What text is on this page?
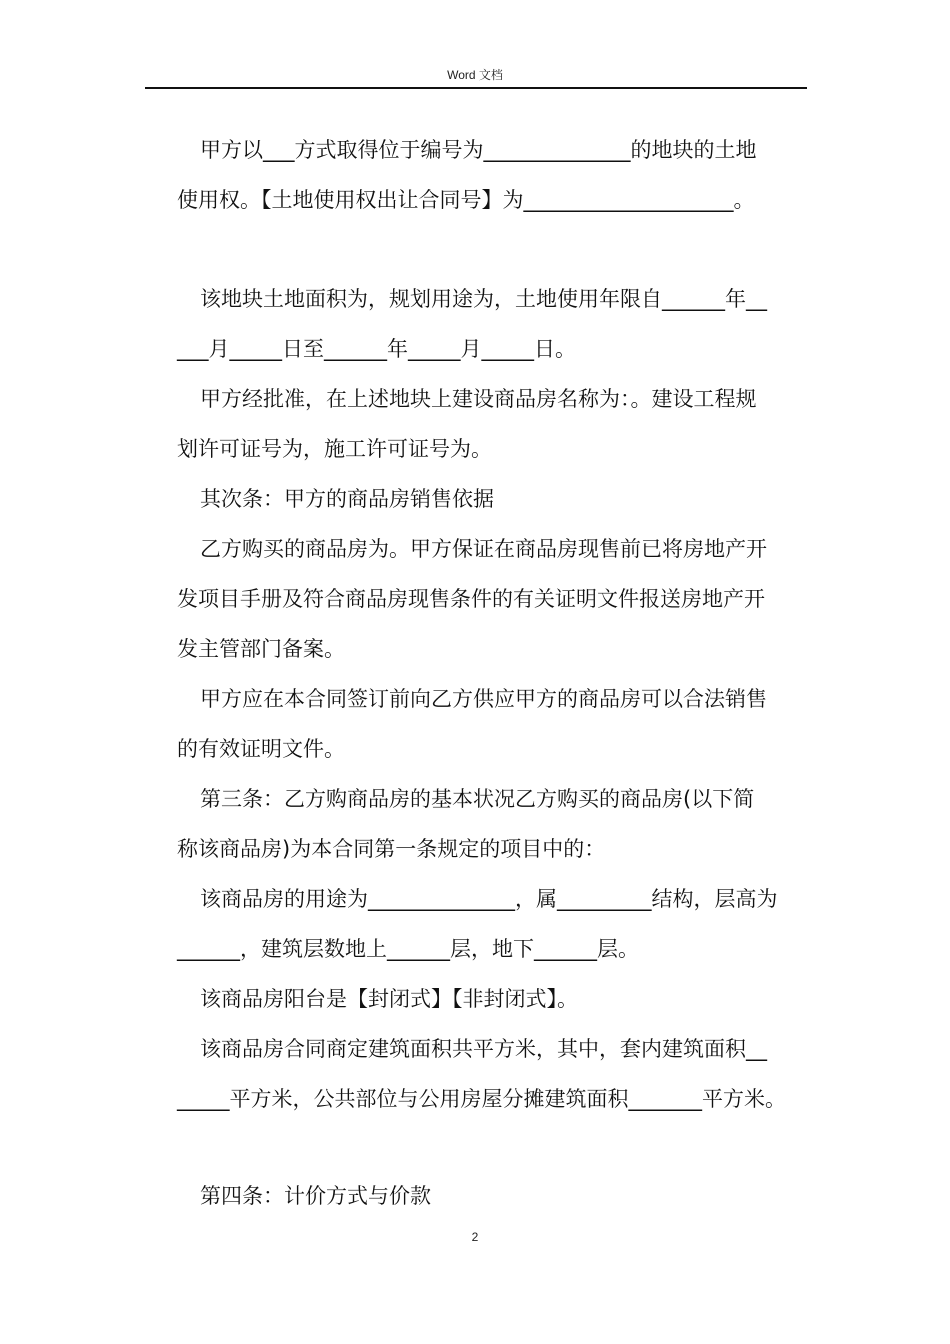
Word 文档
甲方以___方式取得位于编号为______________的地块的土地
使用权。【土地使用权出让合同号】为____________________。
该地块土地面积为，规划用途为，土地使用年限自______年__
___月_____日至______年_____月_____日。
甲方经批准，在上述地块上建设商品房名称为：。建设工程规
划许可证号为，施工许可证号为。
其次条：甲方的商品房销售依据
乙方购买的商品房为。甲方保证在商品房现售前已将房地产开
发项目手册及符合商品房现售条件的有关证明文件报送房地产开
发主管部门备案。
甲方应在本合同签订前向乙方供应甲方的商品房可以合法销售
的有效证明文件。
第三条：乙方购商品房的基本状况乙方购买的商品房(以下简
称该商品房)为本合同第一条规定的项目中的：
该商品房的用途为______________，属_________结构，层高为
______，建筑层数地上______层，地下______层。
该商品房阳台是【封闭式】【非封闭式】。
该商品房合同商定建筑面积共平方米，其中，套内建筑面积__
_____平方米，公共部位与公用房屋分摊建筑面积_______平方米。
第四条：计价方式与价款
2
